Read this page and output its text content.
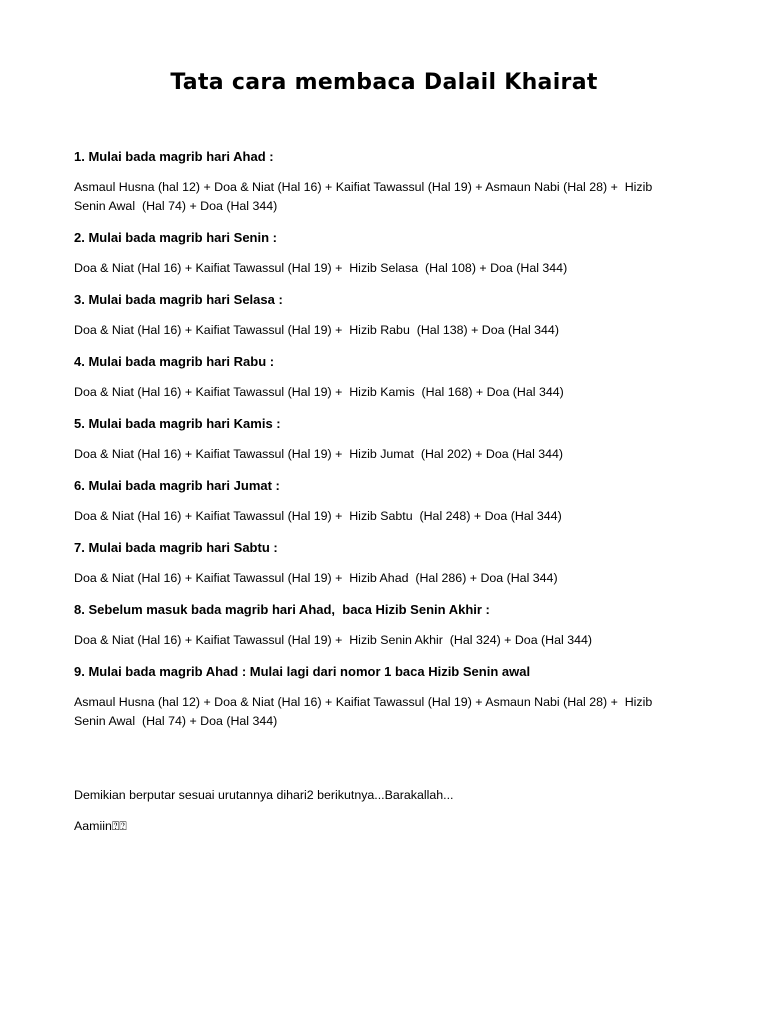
Tata cara membaca Dalail Khairat

1. Mulai bada magrib hari Ahad :

Asmaul Husna (hal 12) + Doa & Niat (Hal 16) + Kaifiat Tawassul (Hal 19) + Asmaun Nabi (Hal 28) +  Hizib
Senin Awal  (Hal 74) + Doa (Hal 344)

2. Mulai bada magrib hari Senin :

Doa & Niat (Hal 16) + Kaifiat Tawassul (Hal 19) +  Hizib Selasa  (Hal 108) + Doa (Hal 344)

3. Mulai bada magrib hari Selasa :

Doa & Niat (Hal 16) + Kaifiat Tawassul (Hal 19) +  Hizib Rabu  (Hal 138) + Doa (Hal 344)

4. Mulai bada magrib hari Rabu :

Doa & Niat (Hal 16) + Kaifiat Tawassul (Hal 19) +  Hizib Kamis  (Hal 168) + Doa (Hal 344)

5. Mulai bada magrib hari Kamis :

Doa & Niat (Hal 16) + Kaifiat Tawassul (Hal 19) +  Hizib Jumat  (Hal 202) + Doa (Hal 344)

6. Mulai bada magrib hari Jumat :

Doa & Niat (Hal 16) + Kaifiat Tawassul (Hal 19) +  Hizib Sabtu  (Hal 248) + Doa (Hal 344)

7. Mulai bada magrib hari Sabtu :

Doa & Niat (Hal 16) + Kaifiat Tawassul (Hal 19) +  Hizib Ahad  (Hal 286) + Doa (Hal 344)

8. Sebelum masuk bada magrib hari Ahad,  baca Hizib Senin Akhir :

Doa & Niat (Hal 16) + Kaifiat Tawassul (Hal 19) +  Hizib Senin Akhir  (Hal 324) + Doa (Hal 344)

9. Mulai bada magrib Ahad : Mulai lagi dari nomor 1 baca Hizib Senin awal

Asmaul Husna (hal 12) + Doa & Niat (Hal 16) + Kaifiat Tawassul (Hal 19) + Asmaun Nabi (Hal 28) +  Hizib
Senin Awal  (Hal 74) + Doa (Hal 344)

Demikian berputar sesuai urutannya dihari2 berikutnya...Barakallah...

Aamiin⍰⍰
